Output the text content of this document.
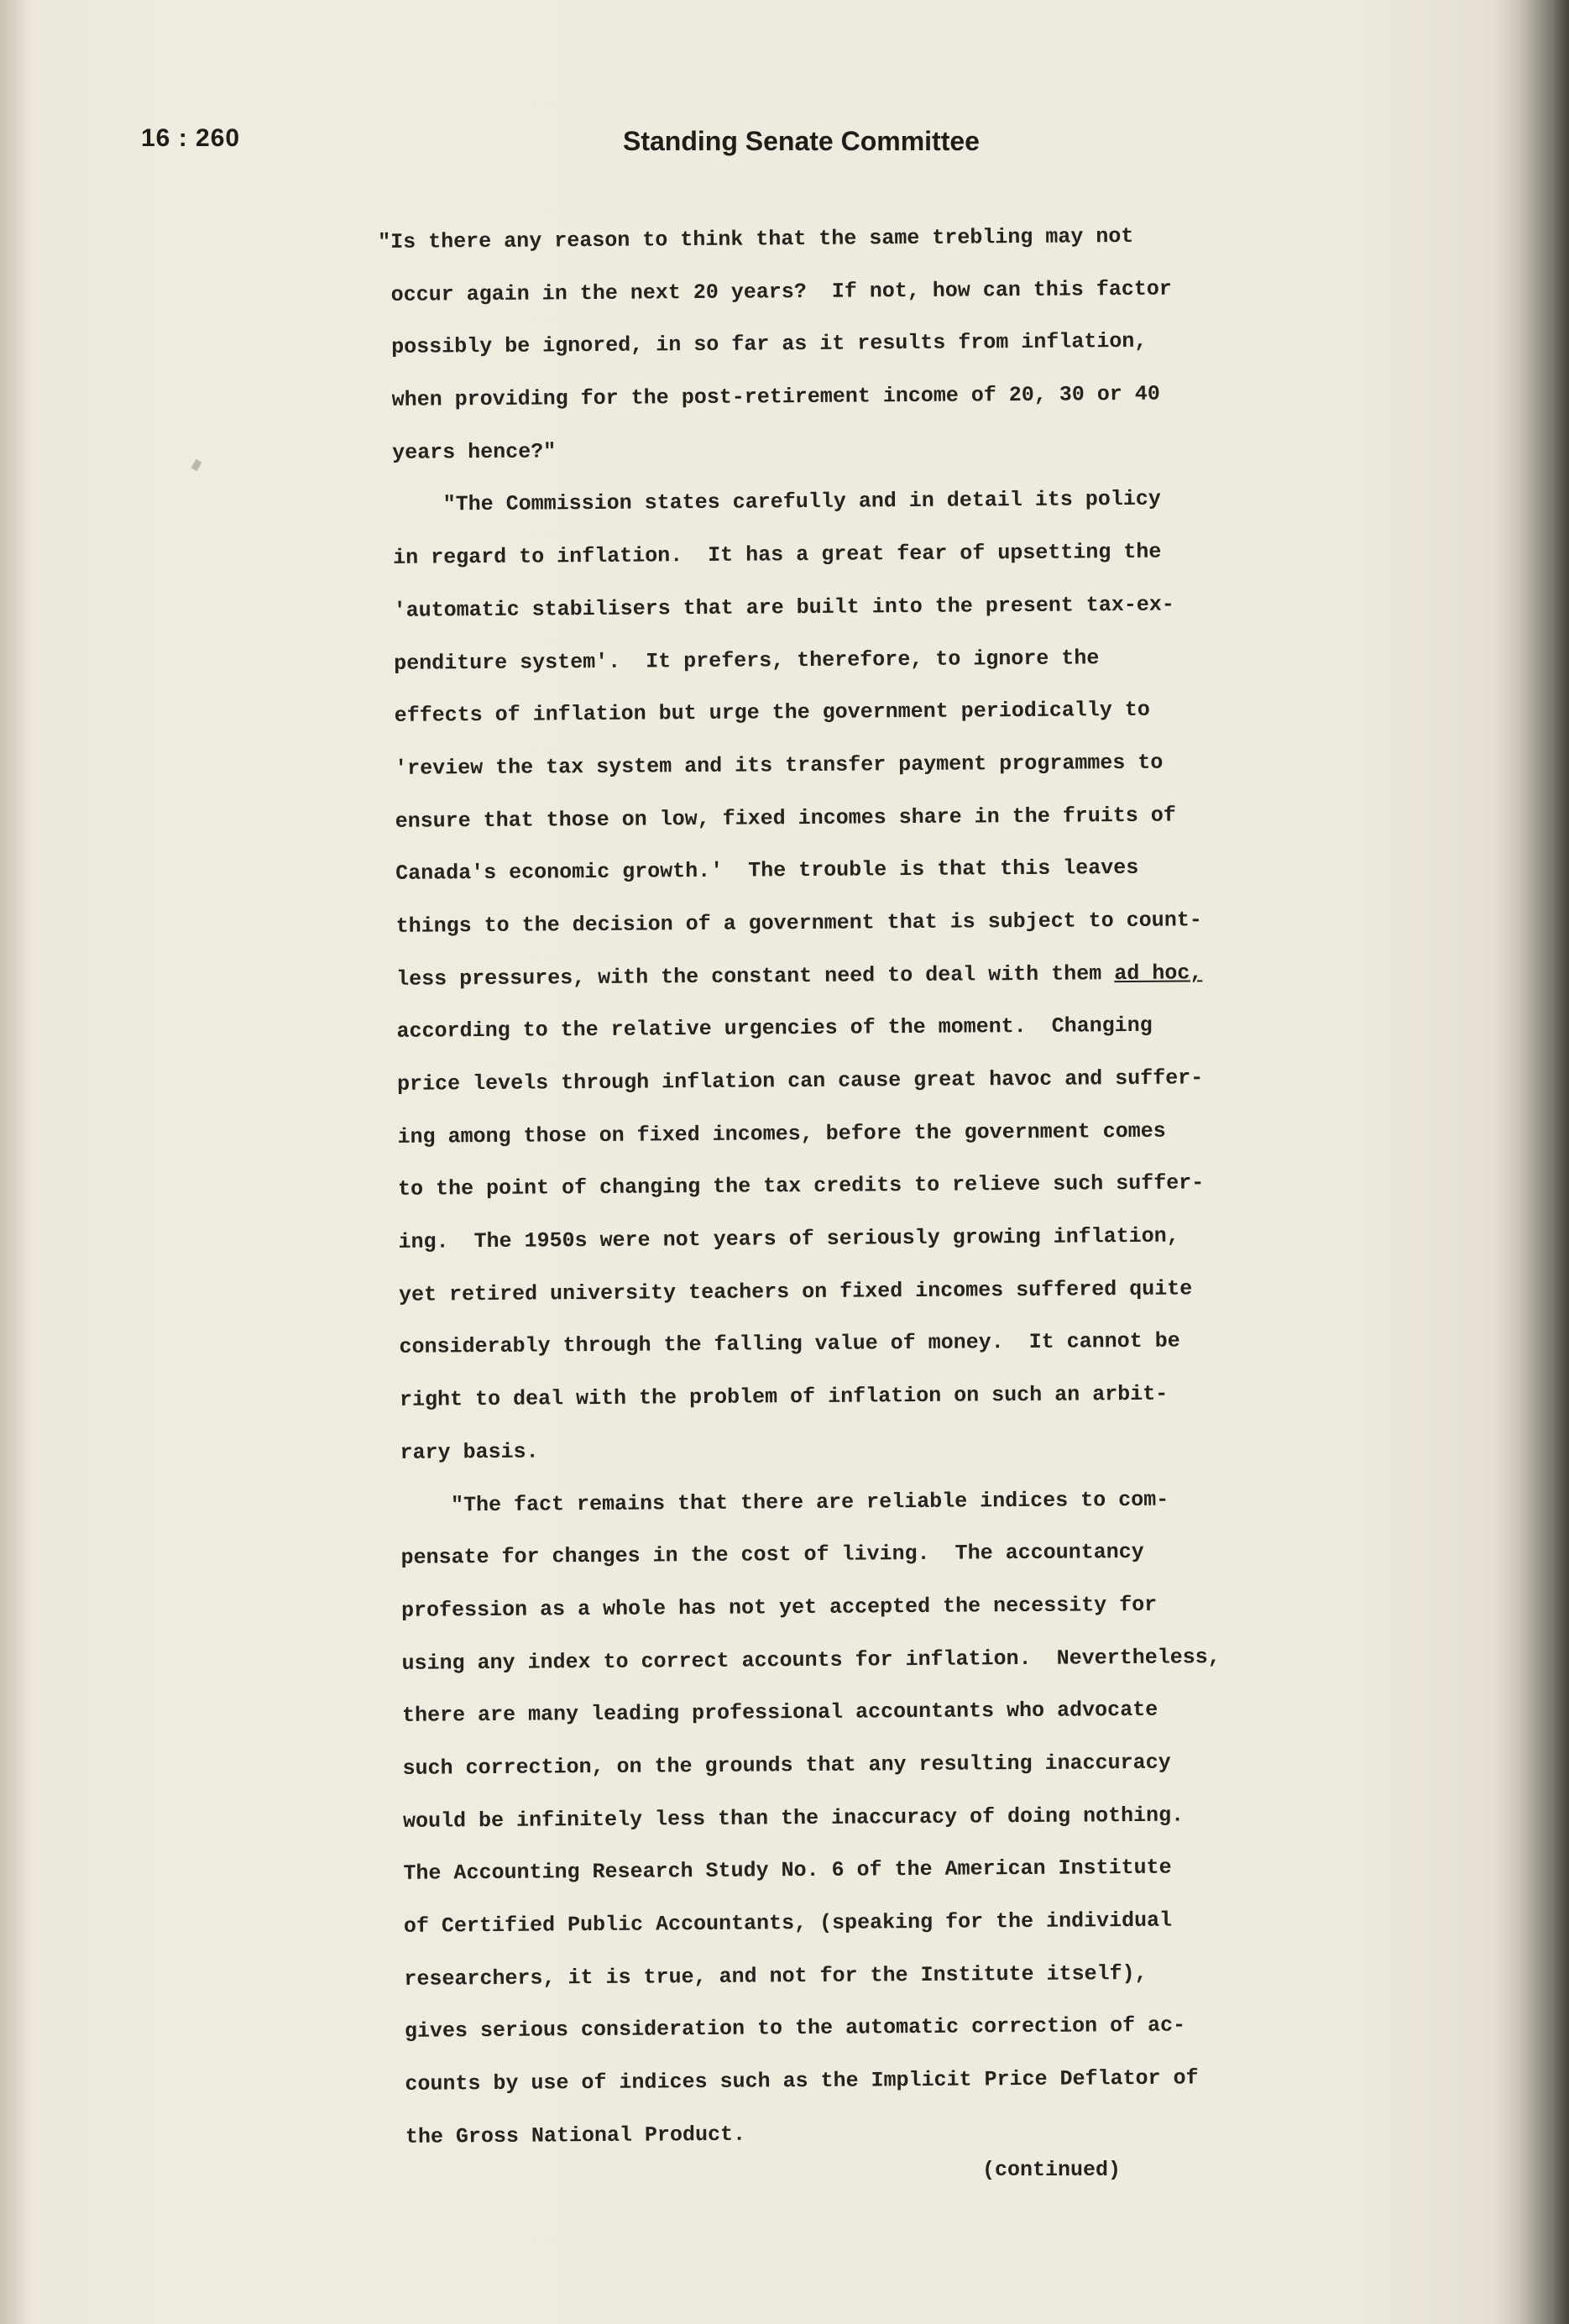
16 : 260	Standing Senate Committee
"Is there any reason to think that the same trebling may not
occur again in the next 20 years?  If not, how can this factor
possibly be ignored, in so far as it results from inflation,
when providing for the post-retirement income of 20, 30 or 40
years hence?"
"The Commission states carefully and in detail its policy
in regard to inflation.  It has a great fear of upsetting the
'automatic stabilisers that are built into the present tax-ex-
penditure system'.  It prefers, therefore, to ignore the
effects of inflation but urge the government periodically to
'review the tax system and its transfer payment programmes to
ensure that those on low, fixed incomes share in the fruits of
Canada's economic growth.'  The trouble is that this leaves
things to the decision of a government that is subject to count-
less pressures, with the constant need to deal with them ad hoc,
according to the relative urgencies of the moment.  Changing
price levels through inflation can cause great havoc and suffer-
ing among those on fixed incomes, before the government comes
to the point of changing the tax credits to relieve such suffer-
ing.  The 1950s were not years of seriously growing inflation,
yet retired university teachers on fixed incomes suffered quite
considerably through the falling value of money.  It cannot be
right to deal with the problem of inflation on such an arbit-
rary basis.
"The fact remains that there are reliable indices to com-
pensate for changes in the cost of living.  The accountancy
profession as a whole has not yet accepted the necessity for
using any index to correct accounts for inflation.  Nevertheless,
there are many leading professional accountants who advocate
such correction, on the grounds that any resulting inaccuracy
would be infinitely less than the inaccuracy of doing nothing.
The Accounting Research Study No. 6 of the American Institute
of Certified Public Accountants, (speaking for the individual
researchers, it is true, and not for the Institute itself),
gives serious consideration to the automatic correction of ac-
counts by use of indices such as the Implicit Price Deflator of
the Gross National Product.
(continued)
